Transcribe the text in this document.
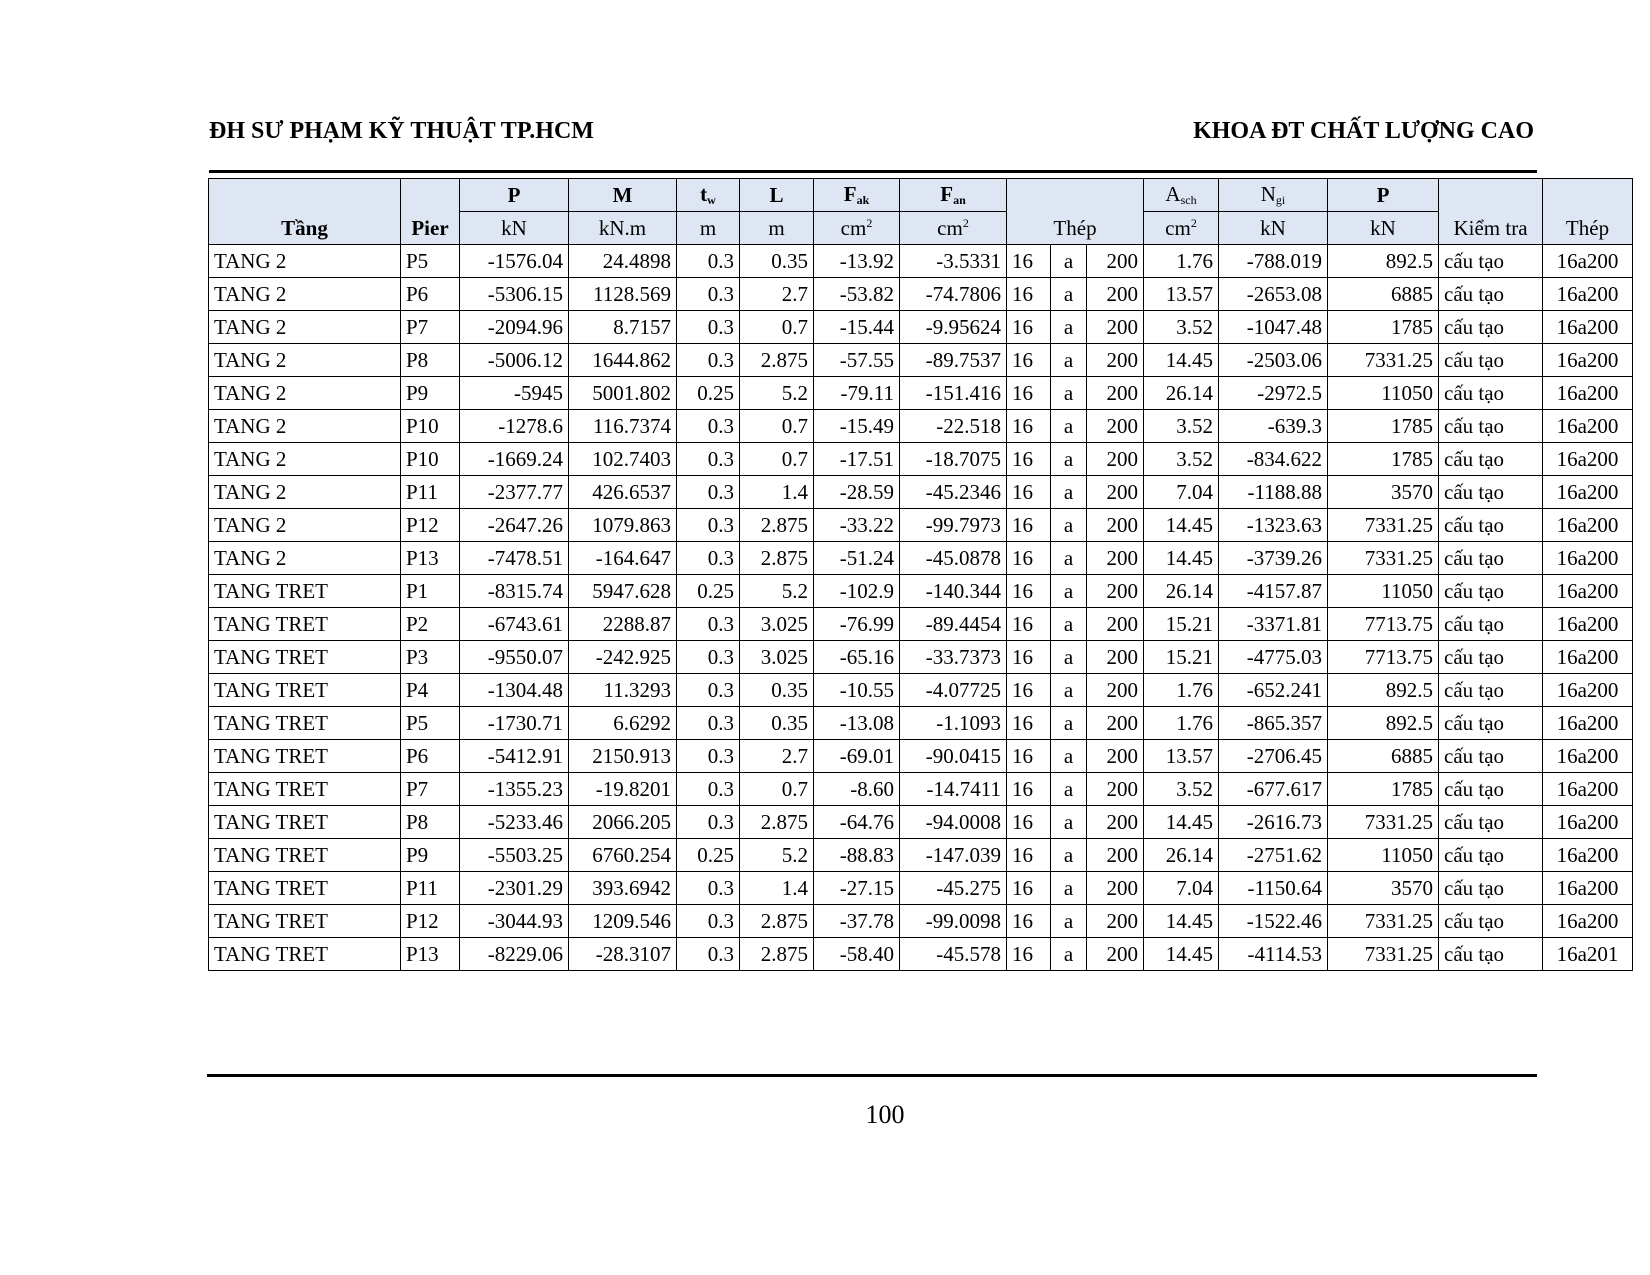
ĐH SƯ PHẠM KỸ THUẬT TP.HCM	KHOA ĐT CHẤT LƯỢNG CAO
Tầng	Pier	P	M	$t_w$	L	$F_{ak}$	$F_{an}$	Thép			$A_{sch}$	$N_{gi}$	P	Kiểm tra	Thép
		kN	kN.m	m	m	$cm^2$	$cm^2$				$cm^2$	kN	kN		
TANG 2	P5	-1576.04	24.4898	0.3	0.35	-13.92	-3.5331	16	a	200	1.76	-788.019	892.5	cấu tạo	16a200
TANG 2	P6	-5306.15	1128.569	0.3	2.7	-53.82	-74.7806	16	a	200	13.57	-2653.08	6885	cấu tạo	16a200
TANG 2	P7	-2094.96	8.7157	0.3	0.7	-15.44	-9.95624	16	a	200	3.52	-1047.48	1785	cấu tạo	16a200
TANG 2	P8	-5006.12	1644.862	0.3	2.875	-57.55	-89.7537	16	a	200	14.45	-2503.06	7331.25	cấu tạo	16a200
TANG 2	P9	-5945	5001.802	0.25	5.2	-79.11	-151.416	16	a	200	26.14	-2972.5	11050	cấu tạo	16a200
TANG 2	P10	-1278.6	116.7374	0.3	0.7	-15.49	-22.518	16	a	200	3.52	-639.3	1785	cấu tạo	16a200
TANG 2	P10	-1669.24	102.7403	0.3	0.7	-17.51	-18.7075	16	a	200	3.52	-834.622	1785	cấu tạo	16a200
TANG 2	P11	-2377.77	426.6537	0.3	1.4	-28.59	-45.2346	16	a	200	7.04	-1188.88	3570	cấu tạo	16a200
TANG 2	P12	-2647.26	1079.863	0.3	2.875	-33.22	-99.7973	16	a	200	14.45	-1323.63	7331.25	cấu tạo	16a200
TANG 2	P13	-7478.51	-164.647	0.3	2.875	-51.24	-45.0878	16	a	200	14.45	-3739.26	7331.25	cấu tạo	16a200
TANG TRET	P1	-8315.74	5947.628	0.25	5.2	-102.9	-140.344	16	a	200	26.14	-4157.87	11050	cấu tạo	16a200
TANG TRET	P2	-6743.61	2288.87	0.3	3.025	-76.99	-89.4454	16	a	200	15.21	-3371.81	7713.75	cấu tạo	16a200
TANG TRET	P3	-9550.07	-242.925	0.3	3.025	-65.16	-33.7373	16	a	200	15.21	-4775.03	7713.75	cấu tạo	16a200
TANG TRET	P4	-1304.48	11.3293	0.3	0.35	-10.55	-4.07725	16	a	200	1.76	-652.241	892.5	cấu tạo	16a200
TANG TRET	P5	-1730.71	6.6292	0.3	0.35	-13.08	-1.1093	16	a	200	1.76	-865.357	892.5	cấu tạo	16a200
TANG TRET	P6	-5412.91	2150.913	0.3	2.7	-69.01	-90.0415	16	a	200	13.57	-2706.45	6885	cấu tạo	16a200
TANG TRET	P7	-1355.23	-19.8201	0.3	0.7	-8.60	-14.7411	16	a	200	3.52	-677.617	1785	cấu tạo	16a200
TANG TRET	P8	-5233.46	2066.205	0.3	2.875	-64.76	-94.0008	16	a	200	14.45	-2616.73	7331.25	cấu tạo	16a200
TANG TRET	P9	-5503.25	6760.254	0.25	5.2	-88.83	-147.039	16	a	200	26.14	-2751.62	11050	cấu tạo	16a200
TANG TRET	P11	-2301.29	393.6942	0.3	1.4	-27.15	-45.275	16	a	200	7.04	-1150.64	3570	cấu tạo	16a200
TANG TRET	P12	-3044.93	1209.546	0.3	2.875	-37.78	-99.0098	16	a	200	14.45	-1522.46	7331.25	cấu tạo	16a200
TANG TRET	P13	-8229.06	-28.3107	0.3	2.875	-58.40	-45.578	16	a	200	14.45	-4114.53	7331.25	cấu tạo	16a201
100
